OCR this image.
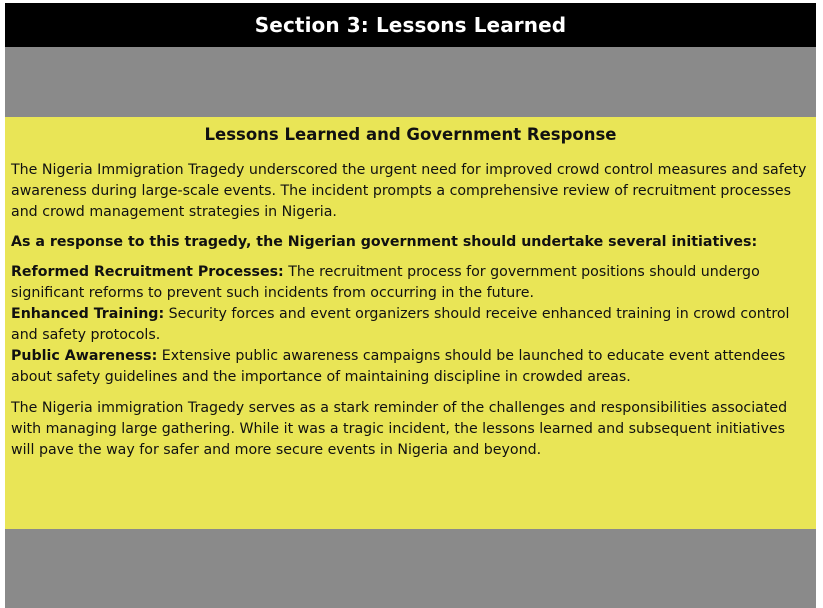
Section 3: Lessons Learned
Lessons Learned and Government Response

The Nigeria Immigration Tragedy underscored the urgent need for improved crowd control measures and safety awareness during large-scale events. The incident prompts a comprehensive review of recruitment processes and crowd management strategies in Nigeria.

As a response to this tragedy, the Nigerian government should undertake several initiatives:

Reformed Recruitment Processes: The recruitment process for government positions should undergo significant reforms to prevent such incidents from occurring in the future.

Enhanced Training: Security forces and event organizers should receive enhanced training in crowd control and safety protocols.

Public Awareness: Extensive public awareness campaigns should be launched to educate event attendees about safety guidelines and the importance of maintaining discipline in crowded areas.

The Nigeria immigration Tragedy serves as a stark reminder of the challenges and responsibilities associated with managing large gathering. While it was a tragic incident, the lessons learned and subsequent initiatives will pave the way for safer and more secure events in Nigeria and beyond.
